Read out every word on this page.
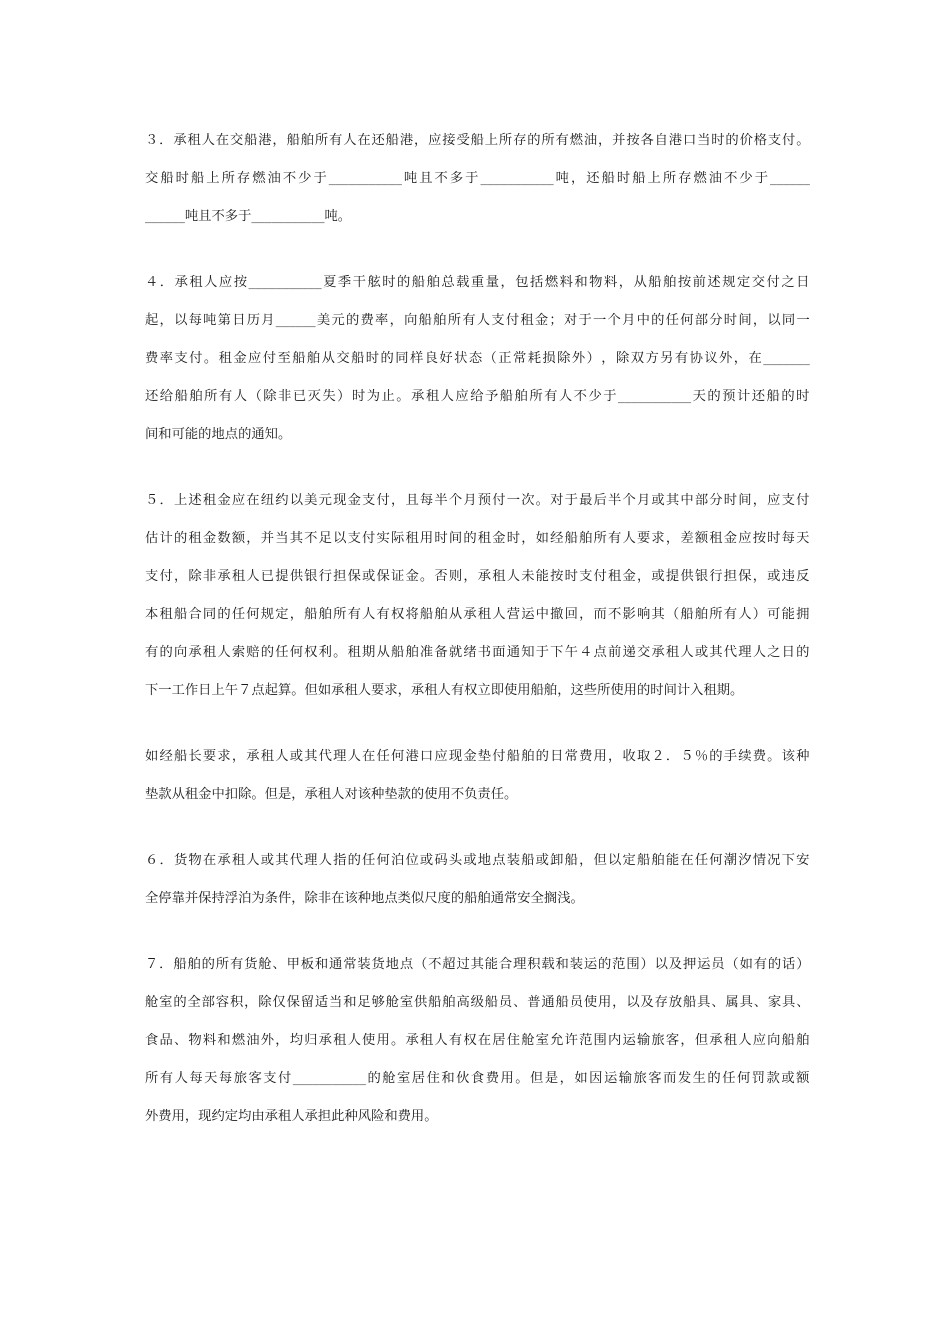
３ ． 承 租 人 在 交 船 港 ， 船 舶 所 有 人 在 还 船 港 ， 应 接 受 船 上 所 存 的 所 有 燃 油 ， 并 按 各 自 港 口 当 时 的 价 格 支 付 。
交 船 时 船 上 所 存 燃 油 不 少 于 ___________ 吨 且 不 多 于 ___________ 吨 ， 还 船 时 船 上 所 存 燃 油 不 少 于 ______
______吨且不多于___________吨。
４ ． 承 租 人 应 按 ___________ 夏 季 干 舷 时 的 船 舶 总 载 重 量 ， 包 括 燃 料 和 物 料 ， 从 船 舶 按 前 述 规 定 交 付 之 日
起 ， 以 每 吨 第 日 历 月 ______ 美 元 的 费 率 ， 向 船 舶 所 有 人 支 付 租 金 ； 对 于 一 个 月 中 的 任 何 部 分 时 间 ， 以 同 一
费 率 支 付 。 租 金 应 付 至 船 舶 从 交 船 时 的 同 样 良 好 状 态 （ 正 常 耗 损 除 外 ） ， 除 双 方 另 有 协 议 外 ， 在 _______
还 给 船 舶 所 有 人 （ 除 非 已 灭 失 ） 时 为 止 。 承 租 人 应 给 予 船 舶 所 有 人 不 少 于 ___________ 天 的 预 计 还 船 的 时
间和可能的地点的通知。
５ ． 上 述 租 金 应 在 纽 约 以 美 元 现 金 支 付 ， 且 每 半 个 月 预 付 一 次 。 对 于 最 后 半 个 月 或 其 中 部 分 时 间 ， 应 支 付
估 计 的 租 金 数 额 ， 并 当 其 不 足 以 支 付 实 际 租 用 时 间 的 租 金 时 ， 如 经 船 舶 所 有 人 要 求 ， 差 额 租 金 应 按 时 每 天
支 付 ， 除 非 承 租 人 已 提 供 银 行 担 保 或 保 证 金 。 否 则 ， 承 租 人 未 能 按 时 支 付 租 金 ， 或 提 供 银 行 担 保 ， 或 违 反
本 租 船 合 同 的 任 何 规 定 ， 船 舶 所 有 人 有 权 将 船 舶 从 承 租 人 营 运 中 撤 回 ， 而 不 影 响 其 （ 船 舶 所 有 人 ） 可 能 拥
有 的 向 承 租 人 索 赔 的 任 何 权 利 。 租 期 从 船 舶 准 备 就 绪 书 面 通 知 于 下 午 ４ 点 前 递 交 承 租 人 或 其 代 理 人 之 日 的
下一工作日上午７点起算。但如承租人要求，承租人有权立即使用船舶，这些所使用的时间计入租期。
如 经 船 长 要 求 ， 承 租 人 或 其 代 理 人 在 任 何 港 口 应 现 金 垫 付 船 舶 的 日 常 费 用 ， 收 取 ２ ． ５ ％ 的 手 续 费 。 该 种
垫款从租金中扣除。但是，承租人对该种垫款的使用不负责任。
６ ． 货 物 在 承 租 人 或 其 代 理 人 指 的 任 何 泊 位 或 码 头 或 地 点 装 船 或 卸 船 ， 但 以 定 船 舶 能 在 任 何 潮 汐 情 况 下 安
全停靠并保持浮泊为条件，除非在该种地点类似尺度的船舶通常安全搁浅。
７ ． 船 舶 的 所 有 货 舱 、 甲 板 和 通 常 装 货 地 点 （ 不 超 过 其 能 合 理 积 载 和 装 运 的 范 围 ） 以 及 押 运 员 （ 如 有 的 话 ）
舱 室 的 全 部 容 积 ， 除 仅 保 留 适 当 和 足 够 舱 室 供 船 舶 高 级 船 员 、 普 通 船 员 使 用 ， 以 及 存 放 船 具 、 属 具 、 家 具 、
食 品 、 物 料 和 燃 油 外 ， 均 归 承 租 人 使 用 。 承 租 人 有 权 在 居 住 舱 室 允 许 范 围 内 运 输 旅 客 ， 但 承 租 人 应 向 船 舶
所 有 人 每 天 每 旅 客 支 付 ___________ 的 舱 室 居 住 和 伙 食 费 用 。 但 是 ， 如 因 运 输 旅 客 而 发 生 的 任 何 罚 款 或 额
外费用，现约定均由承租人承担此种风险和费用。
